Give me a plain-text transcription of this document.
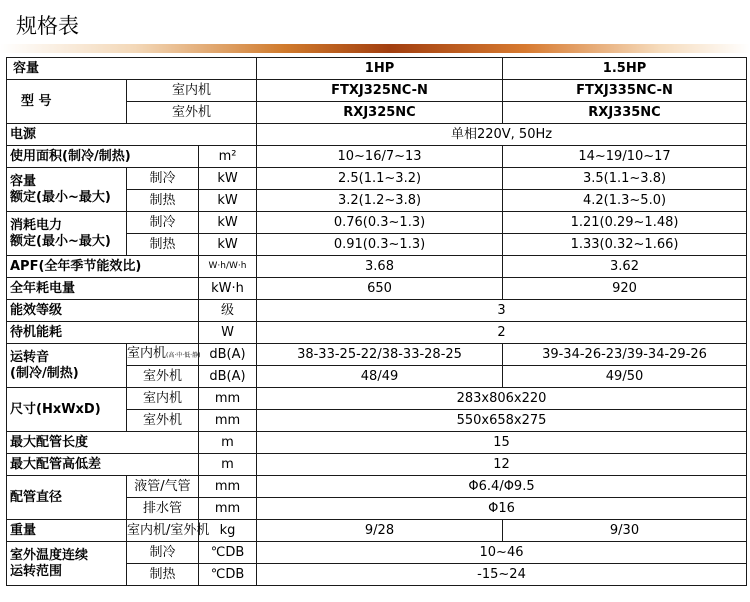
规格表
容量			1HP	1.5HP
型 号	室内机		FTXJ325NC-N	FTXJ335NC-N
	室外机		RXJ325NC	RXJ335NC
电源			单相220V, 50Hz	
使用面积(制冷/制热)		m²	10~16/7~13	14~19/10~17

容量
额定(最小~最大)	制冷	kW	2.5(1.1~3.2)	3.5(1.1~3.8)
	制热	kW	3.2(1.2~3.8)	4.2(1.3~5.0)

消耗电力
额定(最小~最大)	制冷	kW	0.76(0.3~1.3)	1.21(0.29~1.48)
	制热	kW	0.91(0.3~1.3)	1.33(0.32~1.66)
APF(全年季节能效比)		W·h/W·h	3.68	3.62
全年耗电量		kW·h	650	920
能效等级		级	3	
待机能耗		W	2	

运转音
(制冷/制热)	室内机(高·中·低·静)	dB(A)	38-33-25-22/38-33-28-25	39-34-26-23/39-34-29-26
	室外机	dB(A)	48/49	49/50
尺寸(HxWxD)	室内机	mm	283x806x220	
	室外机	mm	550x658x275	
最大配管长度		m	15	
最大配管高低差		m	12	
配管直径	液管/气管	mm	Φ6.4/Φ9.5	
	排水管	mm	Φ16	
重量	室内机/室外机	kg	9/28	9/30

室外温度连续
运转范围	制冷	℃DB	10~46	
	制热	℃DB	-15~24	
